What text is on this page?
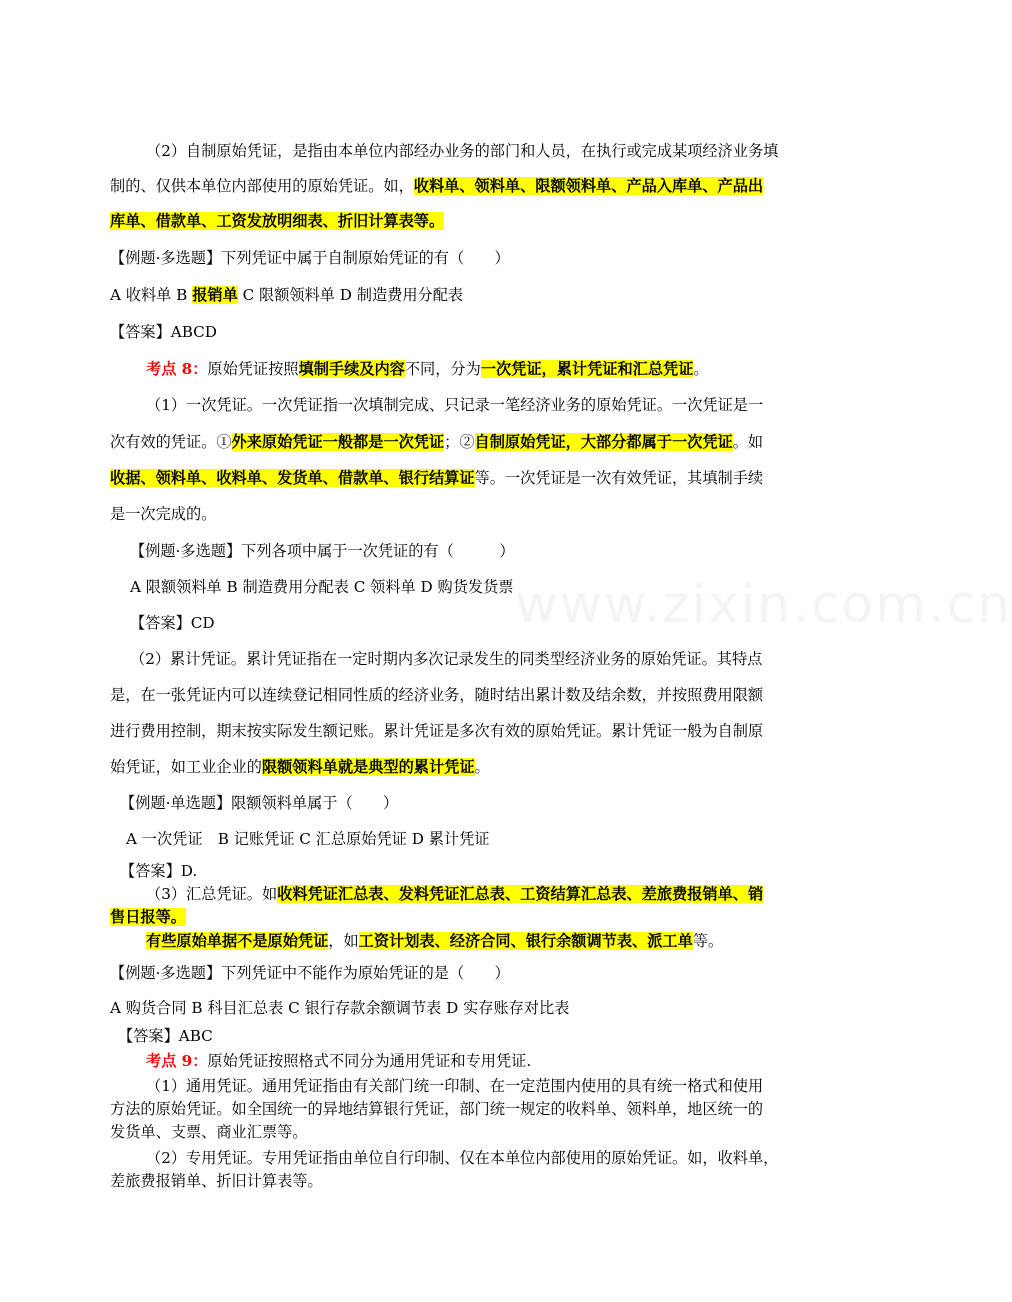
www.zixin.com.cn
（2）自制原始凭证，是指由本单位内部经办业务的部门和人员，在执行或完成某项经济业务填
制的、仅供本单位内部使用的原始凭证。如，收料单、领料单、限额领料单、产品入库单、产品出
库单、借款单、工资发放明细表、折旧计算表等。
【例题·多选题】下列凭证中属于自制原始凭证的有（　　）
A 收料单 B 报销单 C 限额领料单 D 制造费用分配表
【答案】ABCD
考点 8：原始凭证按照填制手续及内容不同，分为一次凭证，累计凭证和汇总凭证。
（1）一次凭证。一次凭证指一次填制完成、只记录一笔经济业务的原始凭证。一次凭证是一
次有效的凭证。①外来原始凭证一般都是一次凭证；②自制原始凭证，大部分都属于一次凭证。如
收据、领料单、收料单、发货单、借款单、银行结算证等。一次凭证是一次有效凭证，其填制手续
是一次完成的。
【例题·多选题】下列各项中属于一次凭证的有（　　　）
A 限额领料单 B 制造费用分配表 C 领料单 D 购货发货票
【答案】CD
（2）累计凭证。累计凭证指在一定时期内多次记录发生的同类型经济业务的原始凭证。其特点
是，在一张凭证内可以连续登记相同性质的经济业务，随时结出累计数及结余数，并按照费用限额
进行费用控制，期末按实际发生额记账。累计凭证是多次有效的原始凭证。累计凭证一般为自制原
始凭证，如工业企业的限额领料单就是典型的累计凭证。
【例题·单选题】限额领料单属于（　　）
A 一次凭证　B 记账凭证 C 汇总原始凭证 D 累计凭证
【答案】D.
（3）汇总凭证。如收料凭证汇总表、发料凭证汇总表、工资结算汇总表、差旅费报销单、销
售日报等。
有些原始单据不是原始凭证，如工资计划表、经济合同、银行余额调节表、派工单等。
【例题·多选题】下列凭证中不能作为原始凭证的是（　　）
A 购货合同 B 科目汇总表 C 银行存款余额调节表 D 实存账存对比表
【答案】ABC
考点 9：原始凭证按照格式不同分为通用凭证和专用凭证.
（1）通用凭证。通用凭证指由有关部门统一印制、在一定范围内使用的具有统一格式和使用
方法的原始凭证。如全国统一的异地结算银行凭证，部门统一规定的收料单、领料单，地区统一的
发货单、支票、商业汇票等。
（2）专用凭证。专用凭证指由单位自行印制、仅在本单位内部使用的原始凭证。如，收料单，
差旅费报销单、折旧计算表等。
